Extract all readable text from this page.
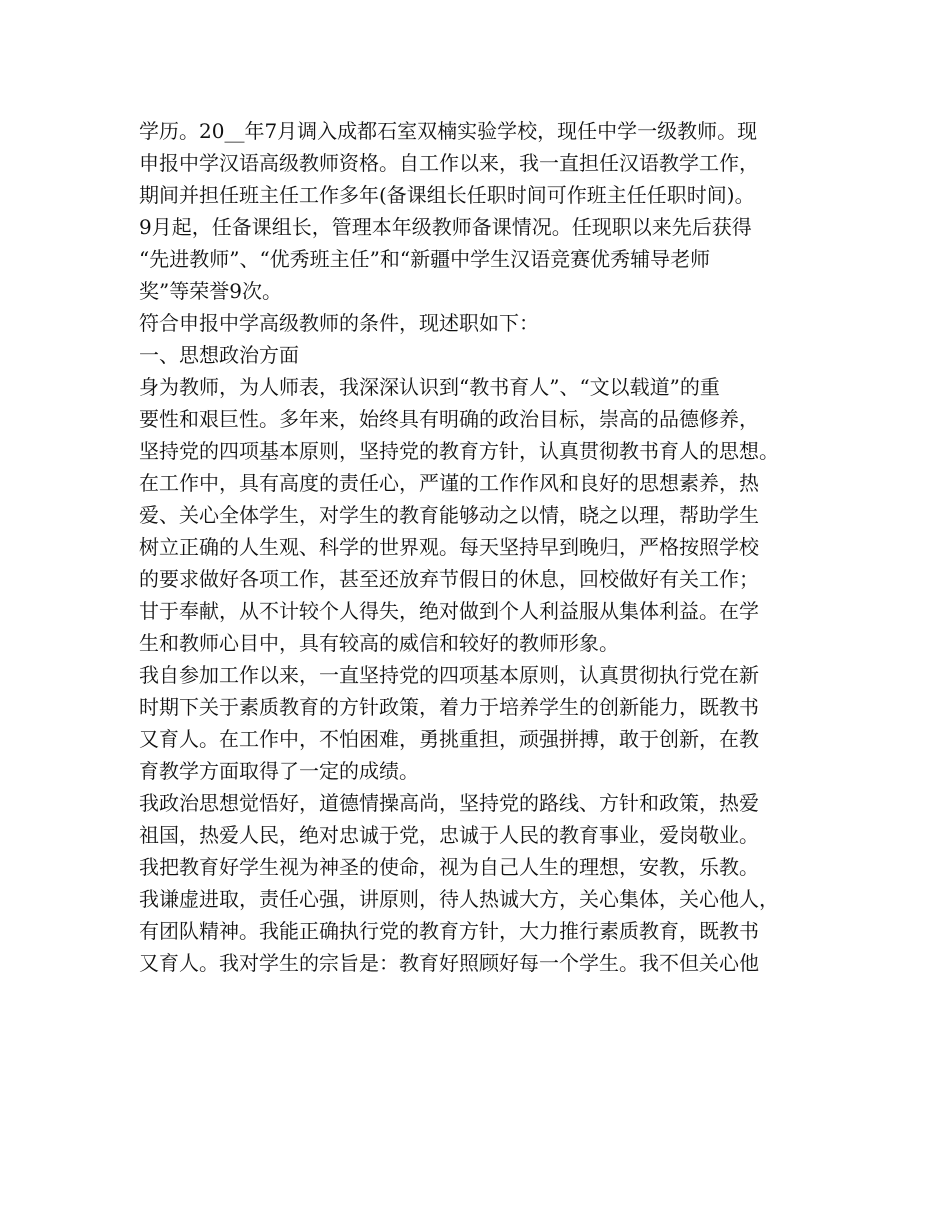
学历。20__年7月调入成都石室双楠实验学校，现任中学一级教师。现
申报中学汉语高级教师资格。自工作以来，我一直担任汉语教学工作，
期间并担任班主任工作多年(备课组长任职时间可作班主任任职时间)。
9月起，任备课组长，管理本年级教师备课情况。任现职以来先后获得
“先进教师”、“优秀班主任”和“新疆中学生汉语竞赛优秀辅导老师
奖”等荣誉9次。
符合申报中学高级教师的条件，现述职如下：
一、思想政治方面
身为教师，为人师表，我深深认识到“教书育人”、“文以载道”的重
要性和艰巨性。多年来，始终具有明确的政治目标，崇高的品德修养，
坚持党的四项基本原则，坚持党的教育方针，认真贯彻教书育人的思想。
在工作中，具有高度的责任心，严谨的工作作风和良好的思想素养，热
爱、关心全体学生，对学生的教育能够动之以情，晓之以理，帮助学生
树立正确的人生观、科学的世界观。每天坚持早到晚归，严格按照学校
的要求做好各项工作，甚至还放弃节假日的休息，回校做好有关工作；
甘于奉献，从不计较个人得失，绝对做到个人利益服从集体利益。在学
生和教师心目中，具有较高的威信和较好的教师形象。
我自参加工作以来，一直坚持党的四项基本原则，认真贯彻执行党在新
时期下关于素质教育的方针政策，着力于培养学生的创新能力，既教书
又育人。在工作中，不怕困难，勇挑重担，顽强拼搏，敢于创新，在教
育教学方面取得了一定的成绩。
我政治思想觉悟好，道德情操高尚，坚持党的路线、方针和政策，热爱
祖国，热爱人民，绝对忠诚于党，忠诚于人民的教育事业，爱岗敬业。
我把教育好学生视为神圣的使命，视为自己人生的理想，安教，乐教。
我谦虚进取，责任心强，讲原则，待人热诚大方，关心集体，关心他人，
有团队精神。我能正确执行党的教育方针，大力推行素质教育，既教书
又育人。我对学生的宗旨是：教育好照顾好每一个学生。我不但关心他
